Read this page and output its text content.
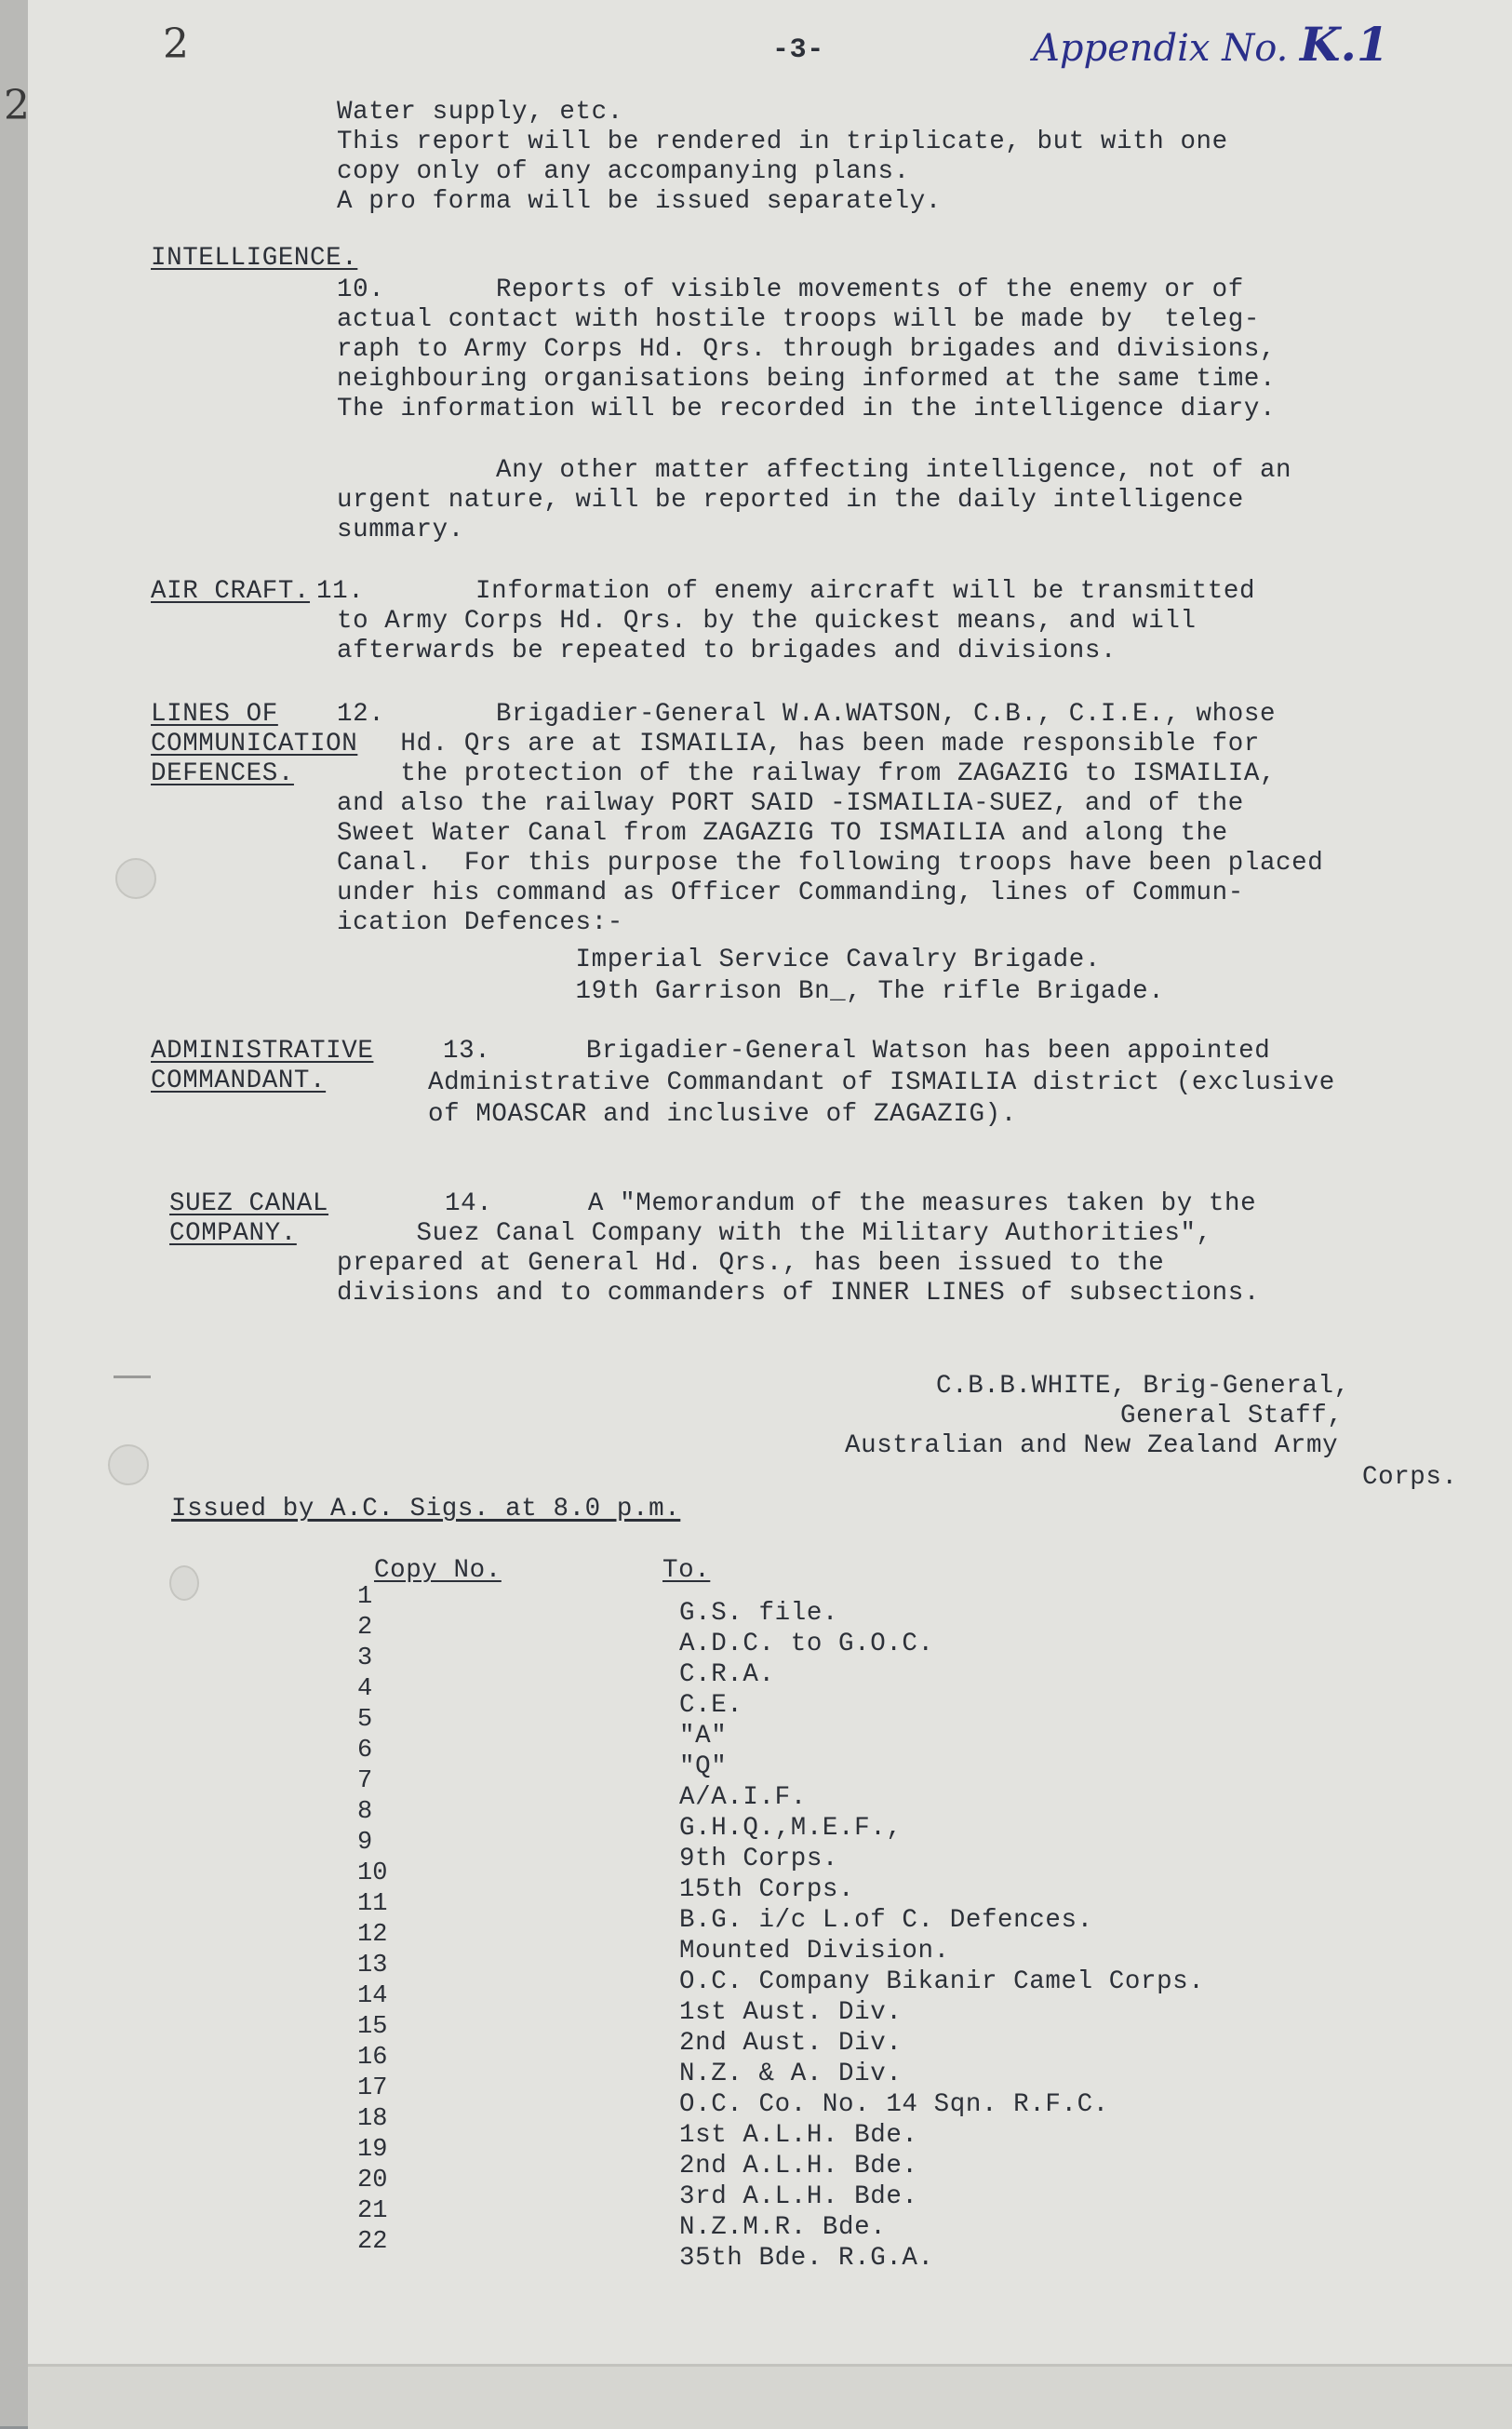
2
2
-3-	Appendix No. K.1
Water supply, etc.
This report will be rendered in triplicate, but with one
copy only of any accompanying plans.
A pro forma will be issued separately.
INTELLIGENCE.
10.       Reports of visible movements of the enemy or of
actual contact with hostile troops will be made by  teleg-
raph to Army Corps Hd. Qrs. through brigades and divisions,
neighbouring organisations being informed at the same time.
The information will be recorded in the intelligence diary.
Any other matter affecting intelligence, not of an
urgent nature, will be reported in the daily intelligence
summary.
AIR CRAFT. 11.       Information of enemy aircraft will be transmitted
to Army Corps Hd. Qrs. by the quickest means, and will
afterwards be repeated to brigades and divisions.
LINES OF
COMMUNICATION
DEFENCES.
12.       Brigadier-General W.A.WATSON, C.B., C.I.E., whose
Hd. Qrs are at ISMAILIA, has been made responsible for
the protection of the railway from ZAGAZIG to ISMAILIA,
and also the railway PORT SAID -ISMAILIA-SUEZ, and of the
Sweet Water Canal from ZAGAZIG TO ISMAILIA and along the
Canal.  For this purpose the following troops have been placed
under his command as Officer Commanding, lines of Commun-
ication Defences:-
Imperial Service Cavalry Brigade.
19th Garrison Bn_, The rifle Brigade.
ADMINISTRATIVE
COMMANDANT.
13.      Brigadier-General Watson has been appointed
Administrative Commandant of ISMAILIA district (exclusive
of MOASCAR and inclusive of ZAGAZIG).
SUEZ CANAL
COMPANY.
14.      A "Memorandum of the measures taken by the
Suez Canal Company with the Military Authorities",
prepared at General Hd. Qrs., has been issued to the
divisions and to commanders of INNER LINES of subsections.
C.B.B.WHITE, Brig-General,
General Staff,
Australian and New Zealand Army
Corps.
Issued by A.C. Sigs. at 8.0 p.m.
Copy No.	To.
1
2
3
4
5
6
7
8
9
10
11
12
13
14
15
16
17
18
19
20
21
22
G.S. file.
A.D.C. to G.O.C.
C.R.A.
C.E.
"A"
"Q"
A/A.I.F.
G.H.Q.,M.E.F.,
9th Corps.
15th Corps.
B.G. i/c L.of C. Defences.
Mounted Division.
O.C. Company Bikanir Camel Corps.
1st Aust. Div.
2nd Aust. Div.
N.Z. & A. Div.
O.C. Co. No. 14 Sqn. R.F.C.
1st A.L.H. Bde.
2nd A.L.H. Bde.
3rd A.L.H. Bde.
N.Z.M.R. Bde.
35th Bde. R.G.A.
